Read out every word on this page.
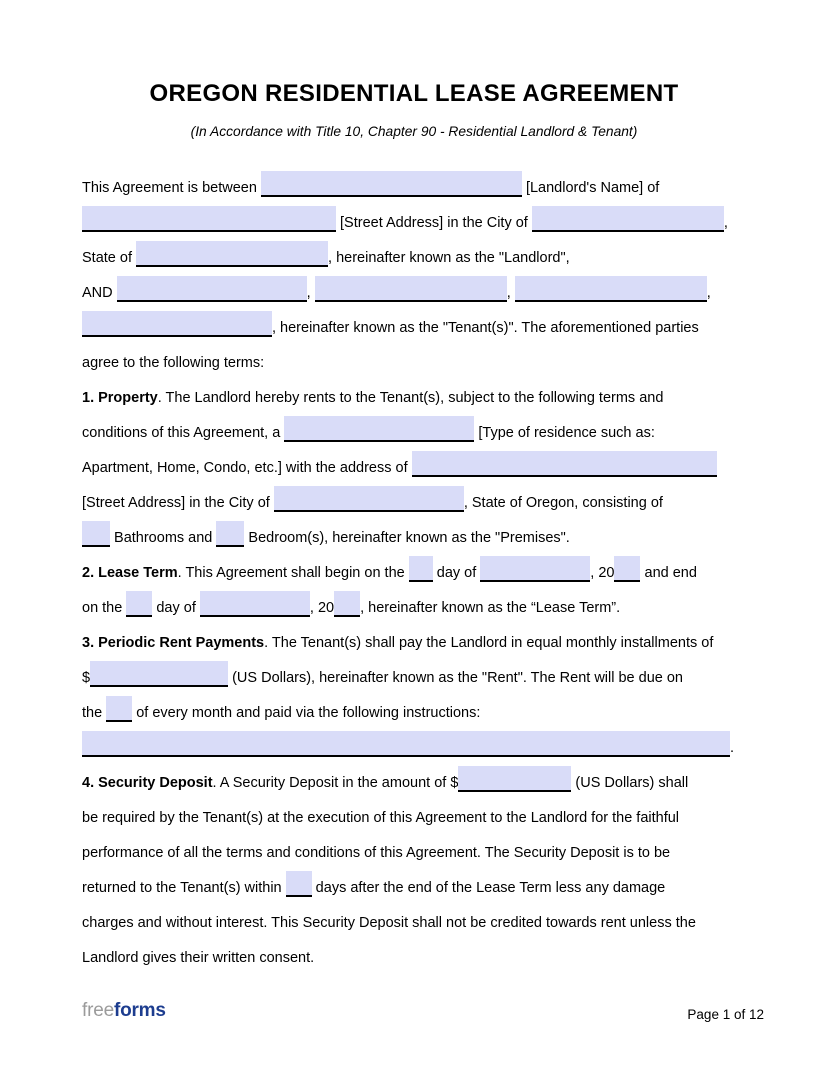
OREGON RESIDENTIAL LEASE AGREEMENT
(In Accordance with Title 10, Chapter 90 - Residential Landlord & Tenant)
This Agreement is between	[Landlord's Name] of
[Street Address] in the City of	,
State of	, hereinafter known as the "Landlord",
AND	,	,	,
, hereinafter known as the "Tenant(s)". The aforementioned parties
agree to the following terms:
1. Property. The Landlord hereby rents to the Tenant(s), subject to the following terms and
conditions of this Agreement, a	[Type of residence such as:
Apartment, Home, Condo, etc.] with the address of
[Street Address] in the City of	, State of Oregon, consisting of
Bathrooms and  Bedroom(s), hereinafter known as the "Premises".
2. Lease Term. This Agreement shall begin on the  day of	, 20 and end
on the  day of	, 20 , hereinafter known as the “Lease Term”.
3. Periodic Rent Payments. The Tenant(s) shall pay the Landlord in equal monthly installments of
$	(US Dollars), hereinafter known as the "Rent". The Rent will be due on
the  of every month and paid via the following instructions:
.
4. Security Deposit. A Security Deposit in the amount of $	(US Dollars) shall
be required by the Tenant(s) at the execution of this Agreement to the Landlord for the faithful
performance of all the terms and conditions of this Agreement. The Security Deposit is to be
returned to the Tenant(s) within  days after the end of the Lease Term less any damage
charges and without interest. This Security Deposit shall not be credited towards rent unless the
Landlord gives their written consent.
freeforms	Page 1 of 12
